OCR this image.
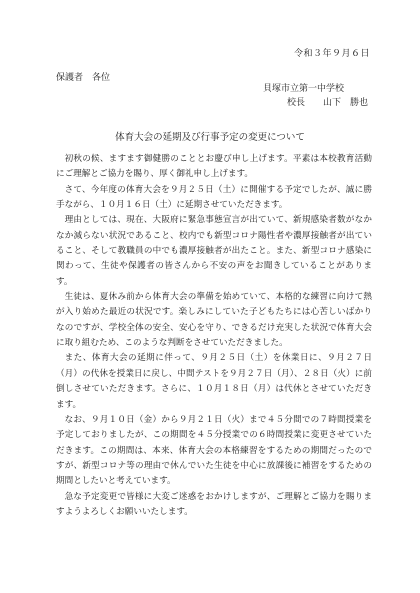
令和３年９月６日
保護者　各位
貝塚市立第一中学校
校長　　山下　勝也
体育大会の延期及び行事予定の変更について

初秋の候、ますます御健勝のこととお慶び申し上げます。平素は本校教育活動にご理解とご協力を賜り、厚く御礼申し上げます。

さて、今年度の体育大会を９月２５日（土）に開催する予定でしたが、誠に勝手ながら、１０月１６日（土）に延期させていただきます。

理由としては、現在、大阪府に緊急事態宣言が出ていて、新規感染者数がなかなか減らない状況であること、校内でも新型コロナ陽性者や濃厚接触者が出ていること、そして教職員の中でも濃厚接触者が出たこと。また、新型コロナ感染に関わって、生徒や保護者の皆さんから不安の声をお聞きしていることがあります。

生徒は、夏休み前から体育大会の準備を始めていて、本格的な練習に向けて熱が入り始めた最近の状況です。楽しみにしていた子どもたちには心苦しいばかりなのですが、学校全体の安全、安心を守り、できるだけ充実した状況で体育大会に取り組むため、このような判断をさせていただきました。

また、体育大会の延期に伴って、９月２５日（土）を休業日に、９月２７日（月）の代休を授業日に戻し、中間テストを９月２７日（月）、２８日（火）に前倒しさせていただきます。さらに、１０月１８日（月）は代休とさせていただきます。

なお、９月１０日（金）から９月２１日（火）まで４５分間での７時間授業を予定しておりましたが、この期間を４５分授業での６時間授業に変更させていただきます。この期間は、本来、体育大会の本格練習をするための期間だったのですが、新型コロナ等の理由で休んでいた生徒を中心に放課後に補習をするための期間としたいと考えています。

急な予定変更で皆様に大変ご迷惑をおかけしますが、ご理解とご協力を賜りますようよろしくお願いいたします。
